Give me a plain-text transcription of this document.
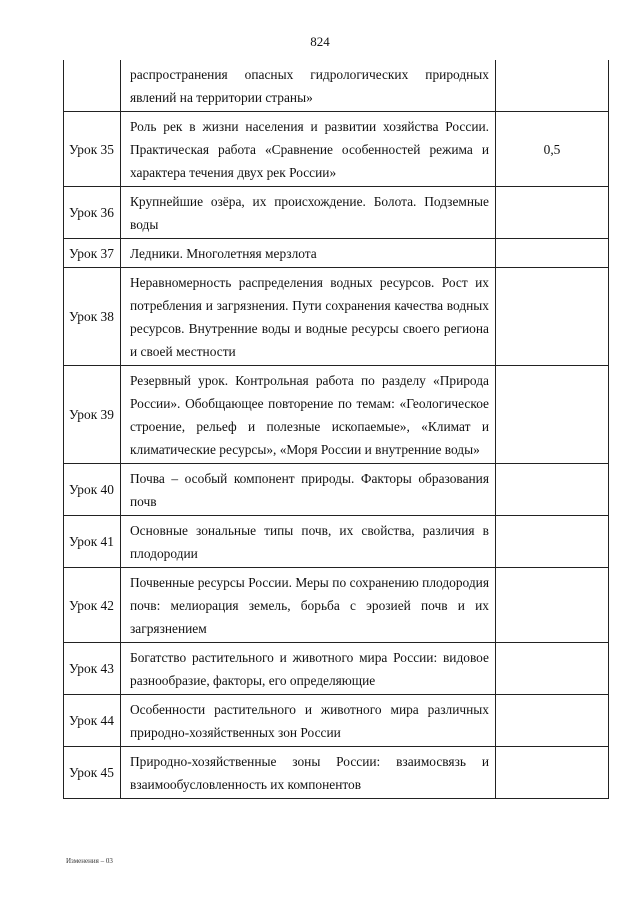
824
	распространения опасных гидрологических природных явлений на территории страны»	
Урок 35	Роль рек в жизни населения и развитии хозяйства России. Практическая работа «Сравнение особенностей режима и характера течения двух рек России»	0,5
Урок 36	Крупнейшие озёра, их происхождение. Болота. Подземные воды	
Урок 37	Ледники. Многолетняя мерзлота	
Урок 38	Неравномерность распределения водных ресурсов. Рост их потребления и загрязнения. Пути сохранения качества водных ресурсов. Внутренние воды и водные ресурсы своего региона и своей местности	
Урок 39	Резервный урок. Контрольная работа по разделу «Природа России». Обобщающее повторение по темам: «Геологическое строение, рельеф и полезные ископаемые», «Климат и климатические ресурсы», «Моря России и внутренние воды»	
Урок 40	Почва – особый компонент природы. Факторы образования почв	
Урок 41	Основные зональные типы почв, их свойства, различия в плодородии	
Урок 42	Почвенные ресурсы России. Меры по сохранению плодородия почв: мелиорация земель, борьба с эрозией почв и их загрязнением	
Урок 43	Богатство растительного и животного мира России: видовое разнообразие, факторы, его определяющие	
Урок 44	Особенности растительного и животного мира различных природно-хозяйственных зон России	
Урок 45	Природно-хозяйственные зоны России: взаимосвязь и взаимообусловленность их компонентов	
Изменения – 03
